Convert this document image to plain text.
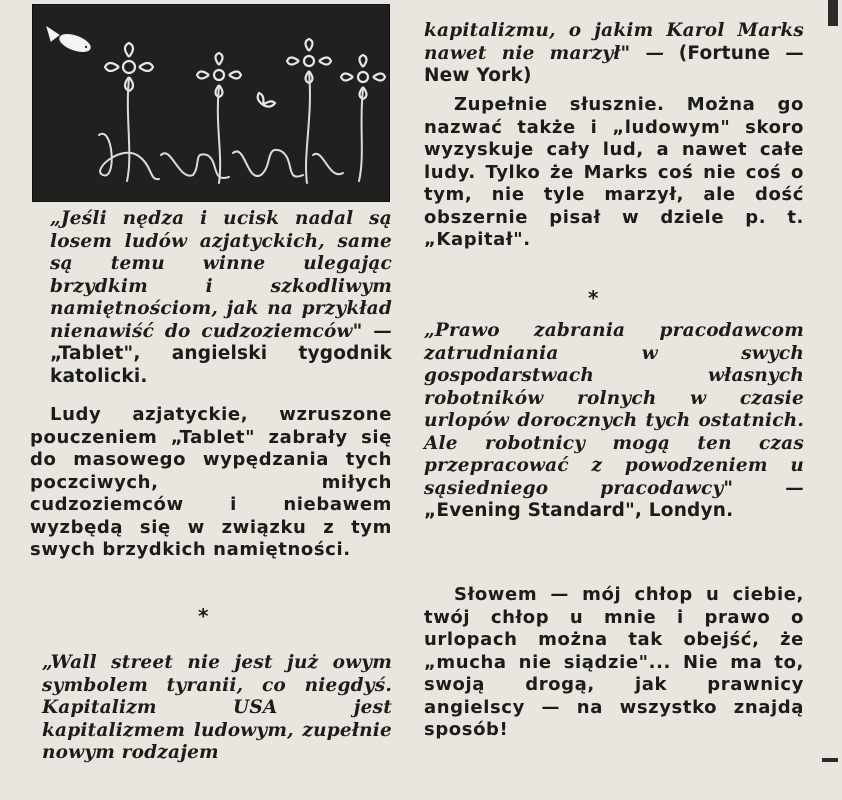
„Jeśli nędza i ucisk nadal są losem ludów azjatyckich, same są temu winne ulegając brzydkim i szkodliwym namiętnościom, jak na przykład nienawiść do cudzoziemców" — „Tablet", angielski tygodnik katolicki.

Ludy azjatyckie, wzruszone pouczeniem „Tablet" zabrały się do masowego wypędzania tych poczciwych, miłych cudzoziemców i niebawem wyzbędą się w związku z tym swych brzydkich namiętności.

*

„Wall street nie jest już owym symbolem tyranii, co niegdyś. Kapitalizm USA jest kapitalizmem ludowym, zupełnie nowym rodzajem

kapitalizmu, o jakim Karol Marks nawet nie marzył" — (Fortune — New York)

Zupełnie słusznie. Można go nazwać także i „ludowym" skoro wyzyskuje cały lud, a nawet całe ludy. Tylko że Marks coś nie coś o tym, nie tyle marzył, ale dość obszernie pisał w dziele p. t. „Kapitał".

*

„Prawo zabrania pracodawcom zatrudniania w swych gospodarstwach własnych robotników rolnych w czasie urlopów dorocznych tych ostatnich. Ale robotnicy mogą ten czas przepracować z powodzeniem u sąsiedniego pracodawcy" — „Evening Standard", Londyn.

Słowem — mój chłop u ciebie, twój chłop u mnie i prawo o urlopach można tak obejść, że „mucha nie siądzie"... Nie ma to, swoją drogą, jak prawnicy angielscy — na wszystko znajdą sposób!
